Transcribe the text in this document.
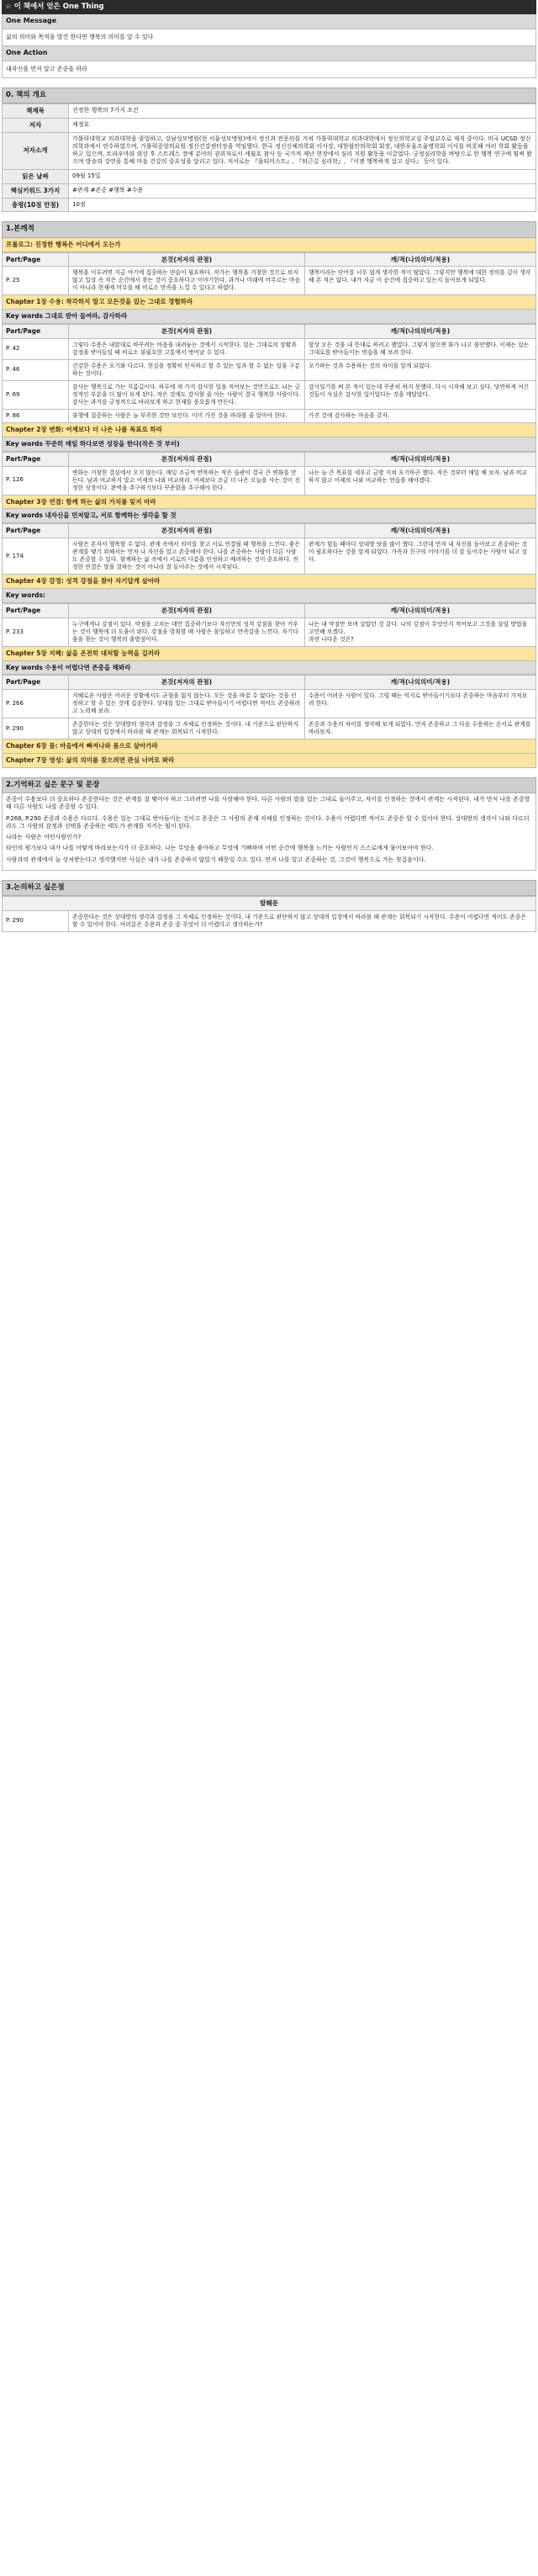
☆ 이 책에서 얻은 One Thing
One Message
삶의 의미와 목적을 발견 한다면 행복의 의미를 알 수 있다
One Action
내자신을 먼저 알고 존중을 하라
0. 책의 개요
책제목	진정한 행복의 7가지 조건
저자	채정호
저자소개	가톨릭대학교 의과대학을 졸업하고, 강남성모병원(현 서울성모병원)에서 정신과 전문의를 거쳐 가톨릭대학교 의과대학에서 정신의학교실 주임교수로 재직 중이다. 미국 UCSD 정신의학과에서 연수하였으며, 가톨릭중앙의료원 정신건강센터장을 역임했다. 한국 정신신체의학회 이사장, 대한불안의학회 회장, 대한우울조울병학회 이사를 비롯해 여러 학회 활동을 하고 있으며, 트라우마와 외상 후 스트레스 장애 분야의 권위자로서 세월호 참사 등 국가적 재난 현장에서 심리 지원 활동을 이끌었다. 긍정심리학을 바탕으로 한 행복 연구에 힘써 왔으며 방송과 강연을 통해 마음 건강의 중요성을 알리고 있다. 저서로는 『옵티미스트』, 『퇴근길 심리학』, 『이젠 행복하게 살고 싶다』 등이 있다.
읽은 날짜	09월 15일
핵심키워드 3가지	#관계 #존중 #행복 #수용
총평(10점 만점)	10점
1.본깨적
프롤로그: 진정한 행복은 어디에서 오는가
Part/Page	본것(저자의 관점)	깨/적(나의의미/적용)
P. 25	행복을 이루려면 지금 여기에 집중하는 연습이 필요하다. 작가는 행복을 거창한 것으로 보지 않고 일상 속 작은 순간에서 찾는 것이 중요하다고 이야기한다. 과거나 미래에 머무르는 마음이 아니라 현재에 머무를 때 비로소 만족을 느낄 수 있다고 하였다.	행복이라는 단어를 너무 쉽게 생각한 적이 많았다. 그렇지만 행복에 대한 정의를 깊이 생각해 본 적은 없다. 내가 지금 이 순간에 집중하고 있는지 돌아보게 되었다.
Chapter 1장 수용: 착각하지 말고 모든것을 있는 그대로 경험하라
Key words 그대로 받아 들여라, 감사하라
Part/Page	본것(저자의 관점)	깨/적(나의의미/적용)
P. 42	그렇다 수용은 내맘대로 바꾸려는 마음을 내려놓는 것에서 시작한다. 있는 그대로의 상황과 감정을 받아들일 때 비로소 불필요한 고통에서 벗어날 수 있다.	항상 모든 것을 내 뜻대로 하려고 했었다. 그렇지 않으면 화가 나고 불안했다. 이제는 있는 그대로를 받아들이는 연습을 해 보려 한다.
P. 46	건강한 수용은 포기와 다르다. 현실을 정확히 인식하고 할 수 있는 일과 할 수 없는 일을 구분하는 것이다.	포기하는 것과 수용하는 것의 차이를 알게 되었다.
P. 69	감사는 행복으로 가는 지름길이다. 하루에 세 가지 감사한 일을 적어보는 것만으로도 뇌는 긍정적인 부분을 더 많이 보게 된다. 작은 것에도 감사할 줄 아는 사람이 결국 행복한 사람이다. 감사는 과거를 긍정적으로 바라보게 하고 현재를 풍요롭게 만든다.	감사일기를 써 본 적이 있는데 꾸준히 하지 못했다. 다시 시작해 보고 싶다. 당연하게 여긴 것들이 사실은 감사한 일이었다는 것을 깨달았다.
P. 86	불행에 집중하는 사람은 늘 부족한 것만 보인다. 이미 가진 것을 바라볼 줄 알아야 한다.	가진 것에 감사하는 마음을 갖자.
Chapter 2장 변화: 어제보다 더 나은 나를 목표로 하라
Key words 꾸준히 매일 하다보면 성장을 한다(작은 것 부터)
Part/Page	본것(저자의 관점)	깨/적(나의의미/적용)
P. 126	변화는 거창한 결심에서 오지 않는다. 매일 조금씩 반복하는 작은 습관이 결국 큰 변화를 만든다. 남과 비교하지 말고 어제의 나와 비교하라. 어제보다 조금 더 나은 오늘을 사는 것이 진정한 성장이다. 완벽을 추구하기보다 꾸준함을 추구해야 한다.	나는 늘 큰 목표를 세우고 금방 지쳐 포기하곤 했다. 작은 것부터 매일 해 보자. 남과 비교하지 않고 어제의 나와 비교하는 연습을 해야겠다.
Chapter 3장 연결: 함께 하는 삶의 가치를 잊지 마라
Key words 내자신을 먼저알고, 서로 함께하는 생각을 할 것
Part/Page	본것(저자의 관점)	깨/적(나의의미/적용)
P. 174	사람은 혼자서 행복할 수 없다. 관계 속에서 의미를 찾고 서로 연결될 때 행복을 느낀다. 좋은 관계를 맺기 위해서는 먼저 나 자신을 알고 존중해야 한다. 나를 존중하는 사람이 다른 사람도 존중할 수 있다. 함께하는 삶 속에서 서로의 다름을 인정하고 배려하는 것이 중요하다. 진정한 연결은 말을 잘하는 것이 아니라 잘 들어주는 것에서 시작된다.	관계가 힘들 때마다 상대방 탓을 많이 했다. 그런데 먼저 내 자신을 돌아보고 존중하는 것이 필요하다는 것을 알게 되었다. 가족과 친구의 이야기를 더 잘 들어주는 사람이 되고 싶다.
Chapter 4장 감정: 성격 강점을 찾아 자기답게 살아라
Key words:
Part/Page	본것(저자의 관점)	깨/적(나의의미/적용)
P. 233	누구에게나 강점이 있다. 약점을 고치는 데만 집중하기보다 자신만의 성격 강점을 찾아 키우는 것이 행복에 더 도움이 된다. 강점을 발휘할 때 사람은 몰입하고 만족감을 느낀다. 자기다움을 찾는 것이 행복의 출발점이다.	나는 내 약점만 보며 살았던 것 같다. 나의 강점이 무엇인지 적어보고 그것을 살릴 방법을 고민해 보겠다.
과연 나다운 것은?
Chapter 5장 지혜: 삶을 온전히 대처할 능력을 길러라
Key words 수용이 어렵다면 존중을 해봐라
Part/Page	본것(저자의 관점)	깨/적(나의의미/적용)
P. 266	지혜로운 사람은 어려운 상황에서도 균형을 잃지 않는다. 모든 것을 바꿀 수 없다는 것을 인정하고 할 수 있는 것에 집중한다. 상대를 있는 그대로 받아들이기 어렵다면 적어도 존중하려고 노력해 보라.	수용이 어려운 사람이 있다. 그럴 때는 억지로 받아들이기보다 존중하는 마음부터 가져보려 한다.
P. 290	존중한다는 것은 상대방의 생각과 감정을 그 자체로 인정하는 것이다. 내 기준으로 판단하지 않고 상대의 입장에서 바라볼 때 관계는 회복되기 시작한다.	존중과 수용의 차이를 생각해 보게 되었다. 먼저 존중하고 그 다음 수용하는 순서로 관계를 바라보자.
Chapter 6장 몸: 마음에서 빠져나와 몸으로 살아가라
Chapter 7장 영성: 삶의 의미를 찾으려면 관심 너머로 봐라
2.기억하고 싶은 문구 및 문장

존중이 수용보다 더 중요하다 존중한다는 것은 관계를 잘 맺어야 하고 그러려면 나를 사랑해야 한다. 다른 사람의 말을 있는 그대로 들어주고, 차이를 인정하는 것에서 관계는 시작된다. 내가 먼저 나를 존중할 때 다른 사람도 나를 존중할 수 있다.

P.266, P.290 존중과 수용은 다르다. 수용은 있는 그대로 받아들이는 것이고 존중은 그 사람의 존재 자체를 인정하는 것이다. 수용이 어렵다면 적어도 존중은 할 수 있어야 한다. 상대방의 생각이 나와 다르더라도 그 사람의 감정과 선택을 존중하는 태도가 관계를 지키는 힘이 된다.

나라는 사람은 어떤사람인가?

타인의 평가보다 내가 나를 어떻게 바라보는지가 더 중요하다. 나는 무엇을 좋아하고 무엇에 기뻐하며 어떤 순간에 행복을 느끼는 사람인지 스스로에게 물어보아야 한다.

사람과의 관계에서 늘 상처받는다고 생각했지만 사실은 내가 나를 존중하지 않았기 때문일 수도 있다. 먼저 나를 알고 존중하는 것, 그것이 행복으로 가는 첫걸음이다.

3.논의하고 싶은점
발췌문
P. 290	존중한다는 것은 상대방의 생각과 감정을 그 자체로 인정하는 것이다. 내 기준으로 판단하지 않고 상대의 입장에서 바라볼 때 관계는 회복되기 시작한다. 수용이 어렵다면 적어도 존중은 할 수 있어야 한다. 여러분은 수용과 존중 중 무엇이 더 어렵다고 생각하는가?
